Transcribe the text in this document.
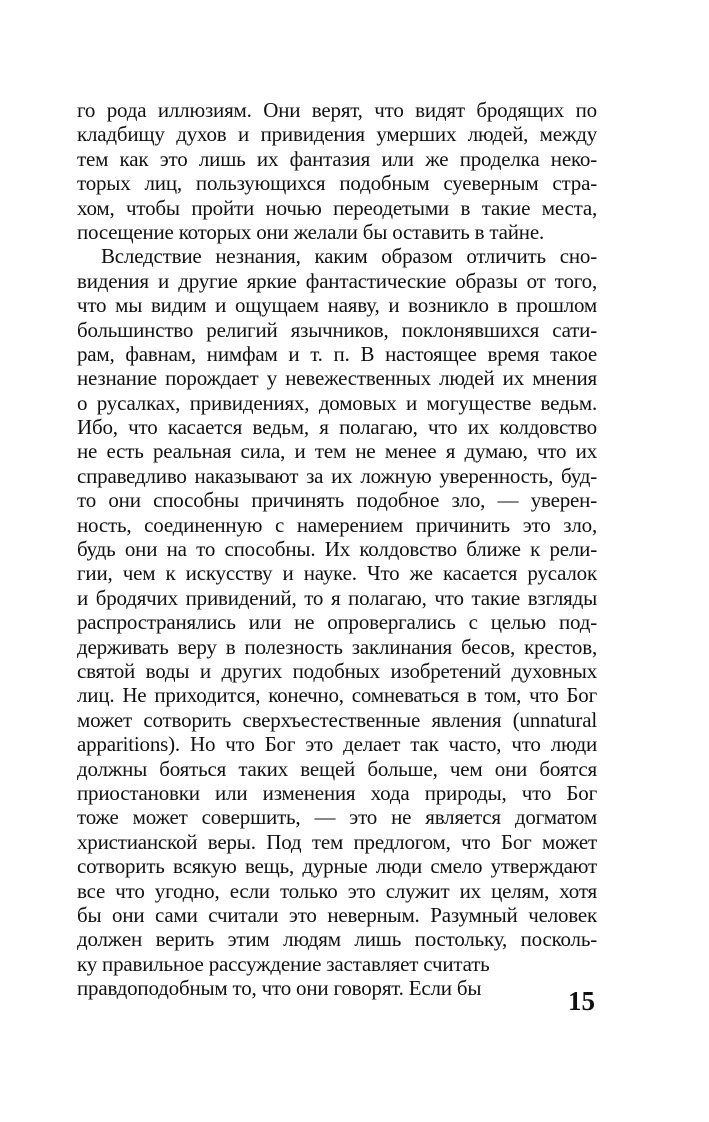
го рода иллюзиям. Они верят, что видят бродящих по
кладбищу духов и привидения умерших людей, между
тем как это лишь их фантазия или же проделка неко-
торых лиц, пользующихся подобным суеверным стра-
хом, чтобы пройти ночью переодетыми в такие места,
посещение которых они желали бы оставить в тайне.
Вследствие незнания, каким образом отличить сно-
видения и другие яркие фантастические образы от того,
что мы видим и ощущаем наяву, и возникло в прошлом
большинство религий язычников, поклонявшихся сати-
рам, фавнам, нимфам и т. п. В настоящее время такое
незнание порождает у невежественных людей их мнения
о русалках, привидениях, домовых и могуществе ведьм.
Ибо, что касается ведьм, я полагаю, что их колдовство
не есть реальная сила, и тем не менее я думаю, что их
справедливо наказывают за их ложную уверенность, буд-
то они способны причинять подобное зло, — уверен-
ность, соединенную с намерением причинить это зло,
будь они на то способны. Их колдовство ближе к рели-
гии, чем к искусству и науке. Что же касается русалок
и бродячих привидений, то я полагаю, что такие взгляды
распространялись или не опровергались с целью под-
держивать веру в полезность заклинания бесов, крестов,
святой воды и других подобных изобретений духовных
лиц. Не приходится, конечно, сомневаться в том, что Бог
может сотворить сверхъестественные явления (unnatural
apparitions). Но что Бог это делает так часто, что люди
должны бояться таких вещей больше, чем они боятся
приостановки или изменения хода природы, что Бог
тоже может совершить, — это не является догматом
христианской веры. Под тем предлогом, что Бог может
сотворить всякую вещь, дурные люди смело утверждают
все что угодно, если только это служит их целям, хотя
бы они сами считали это неверным. Разумный человек
должен верить этим людям лишь постольку, посколь-
ку правильное рассуждение заставляет считать
правдоподобным то, что они говорят. Если бы	15
